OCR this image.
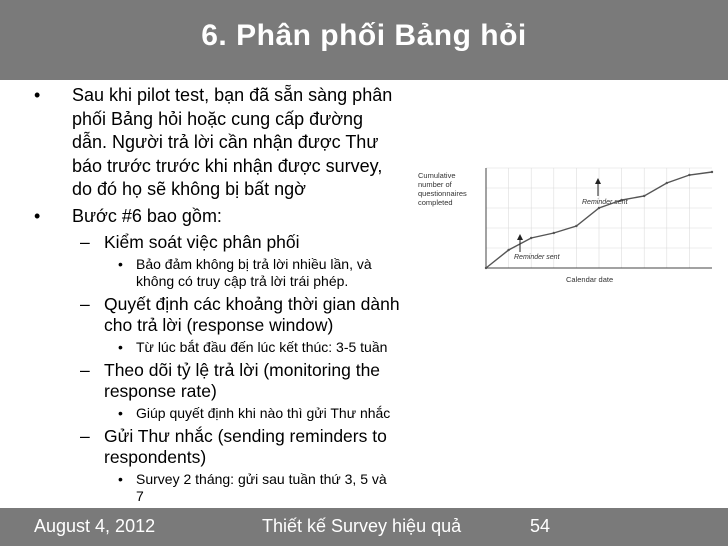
6. Phân phối Bảng hỏi
• Sau khi pilot test, bạn đã sẵn sàng phân
phối Bảng hỏi hoặc cung cấp đường
dẫn. Người trả lời cần nhận được Thư
báo trước trước khi nhận được survey,
do đó họ sẽ không bị bất ngờ
• Bước #6 bao gồm:
– Kiểm soát việc phân phối
• Bảo đảm không bị trả lời nhiều lần, và
không có truy cập trả lời trái phép.
– Quyết định các khoảng thời gian dành
cho trả lời (response window)
• Từ lúc bắt đầu đến lúc kết thúc: 3-5 tuần
– Theo dõi tỷ lệ trả lời (monitoring the
response rate)
• Giúp quyết định khi nào thì gửi Thư nhắc
– Gửi Thư nhắc (sending reminders to
respondents)
• Survey 2 tháng: gửi sau tuần thứ 3, 5 và
7
Cumulative
number of
questionnaires
completed
Calendar date
Reminder sent
Reminder sent
August 4, 2012	Thiết kế Survey hiệu quả	54
